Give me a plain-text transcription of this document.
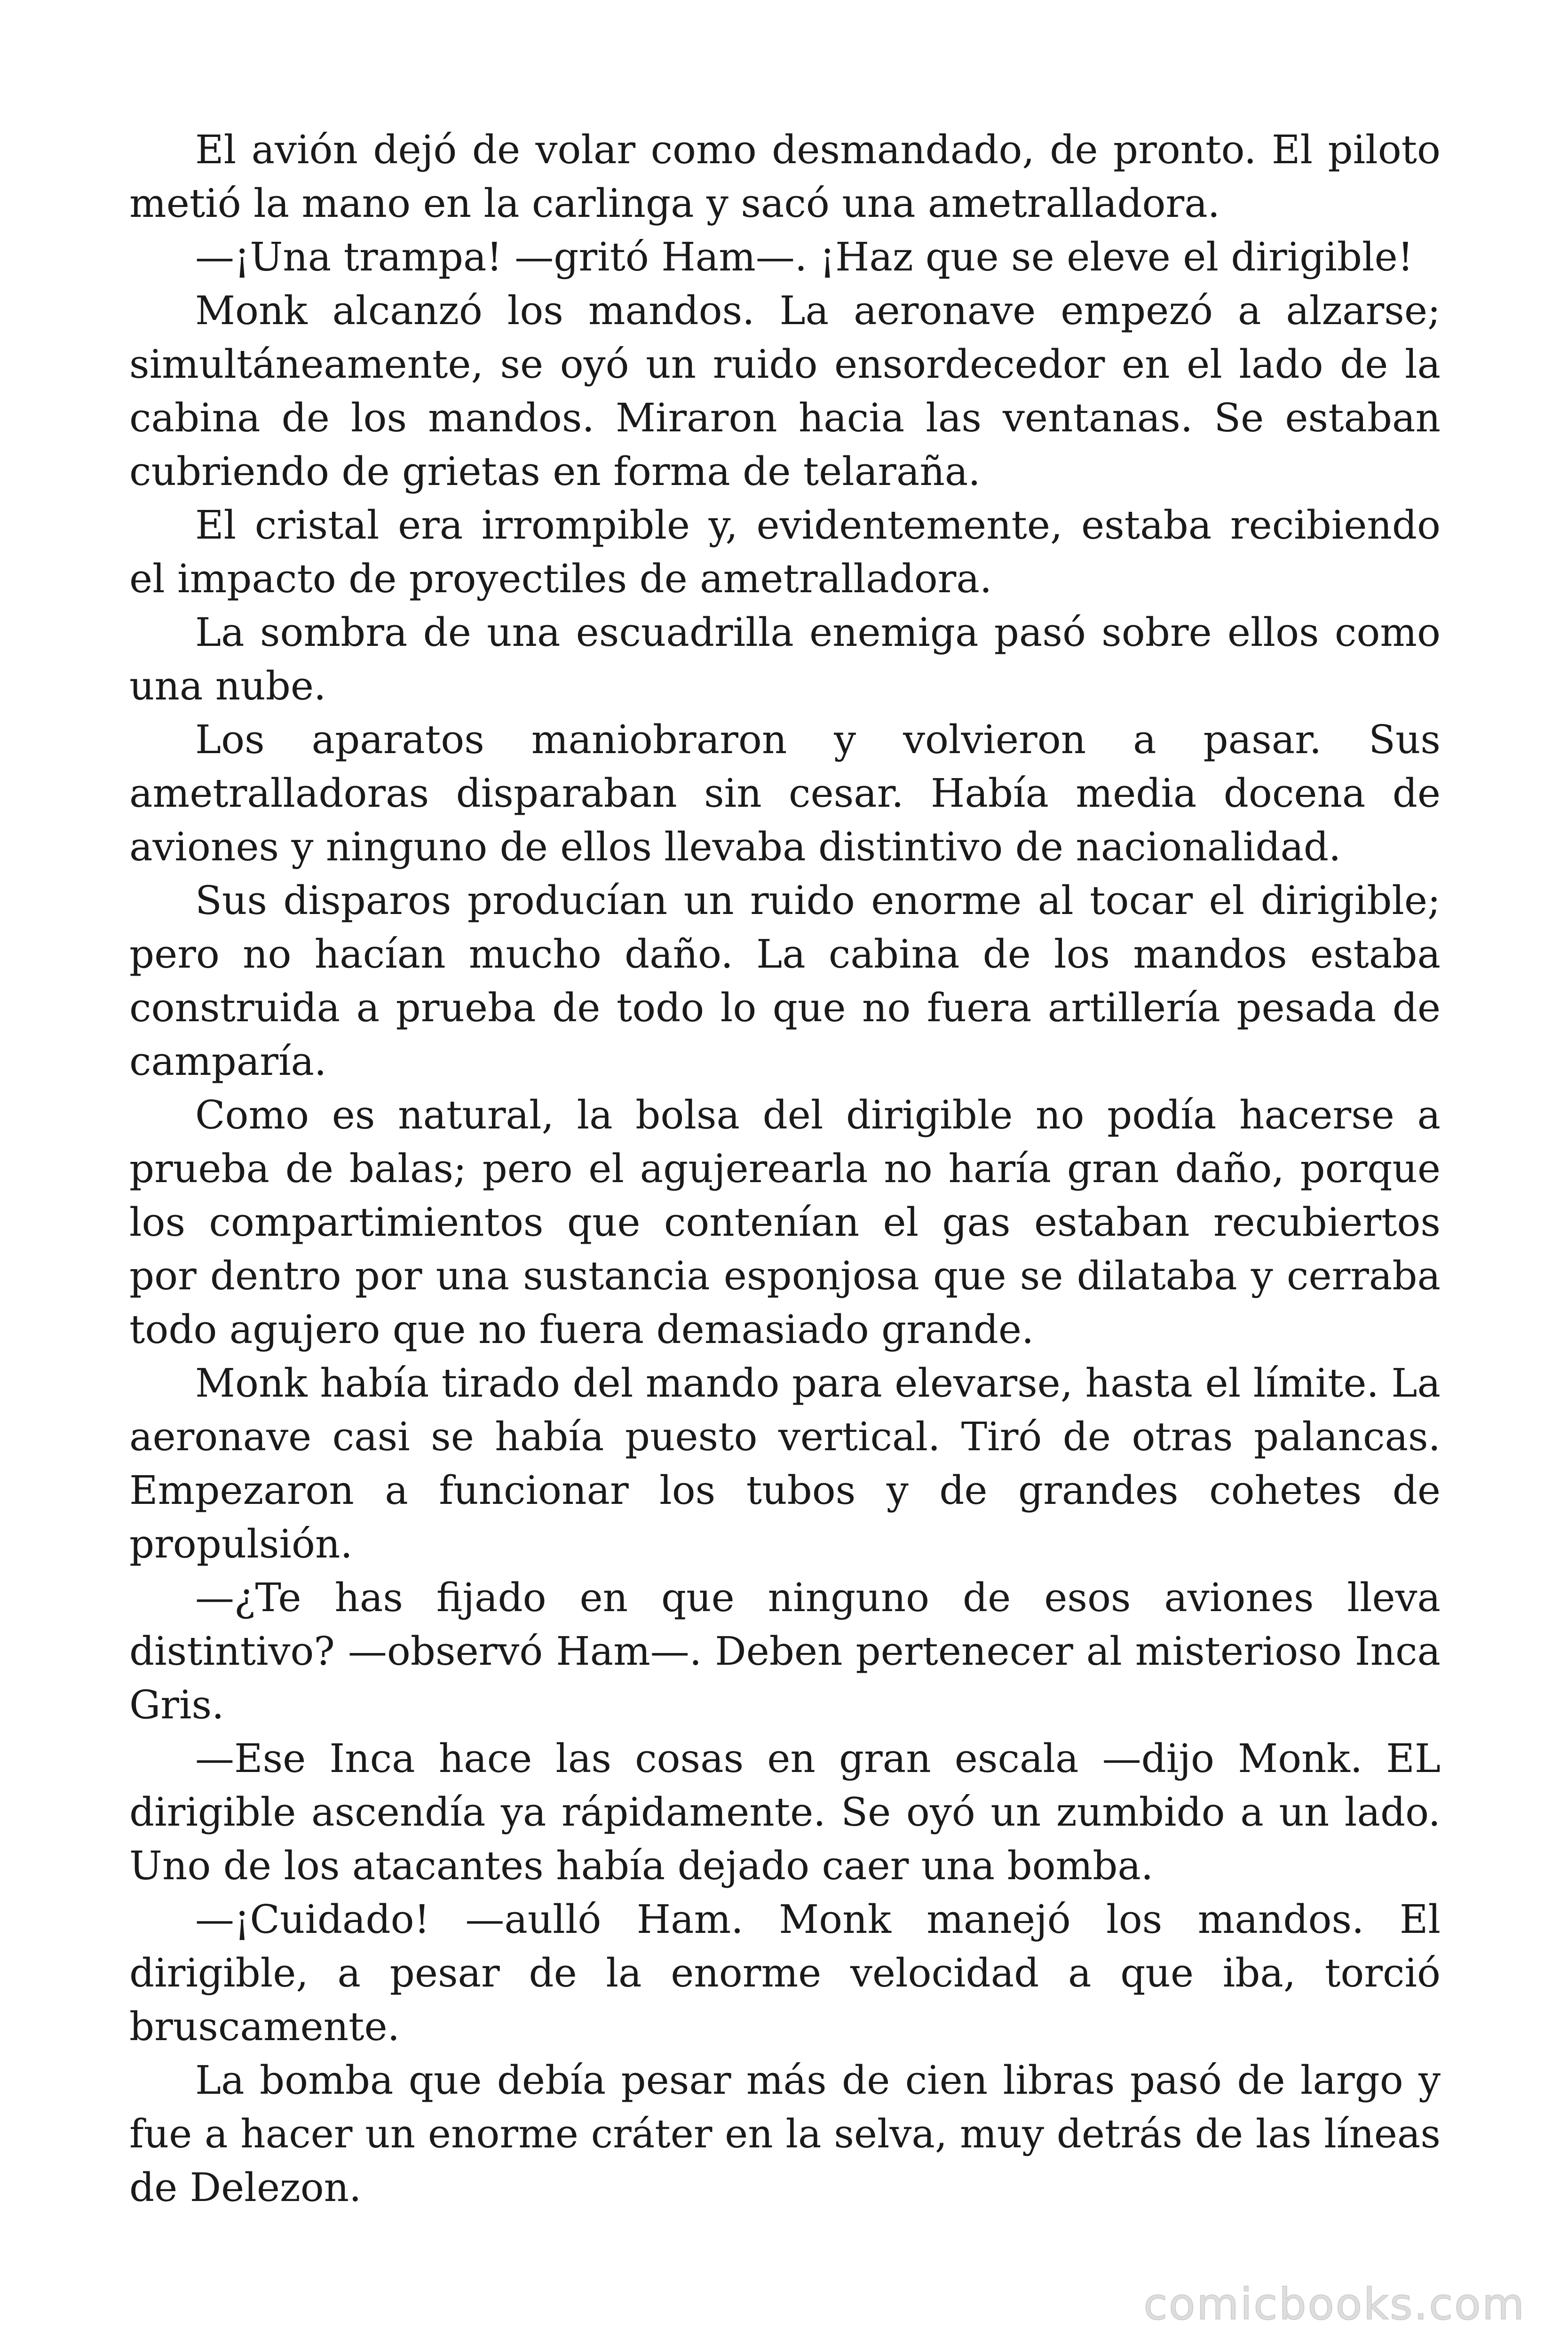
El avión dejó de volar como desmandado, de pronto. El piloto metió la mano en la carlinga y sacó una ametralladora.

—¡Una trampa! —gritó Ham—. ¡Haz que se eleve el dirigible!

Monk alcanzó los mandos. La aeronave empezó a alzarse; simultáneamente, se oyó un ruido ensordecedor en el lado de la cabina de los mandos. Miraron hacia las ventanas. Se estaban cubriendo de grietas en forma de telaraña.

El cristal era irrompible y, evidentemente, estaba recibiendo el impacto de proyectiles de ametralladora.

La sombra de una escuadrilla enemiga pasó sobre ellos como una nube.

Los aparatos maniobraron y volvieron a pasar. Sus ametralladoras disparaban sin cesar. Había media docena de aviones y ninguno de ellos llevaba distintivo de nacionalidad.

Sus disparos producían un ruido enorme al tocar el dirigible; pero no hacían mucho daño. La cabina de los mandos estaba construida a prueba de todo lo que no fuera artillería pesada de camparía.

Como es natural, la bolsa del dirigible no podía hacerse a prueba de balas; pero el agujerearla no haría gran daño, porque los compartimientos que contenían el gas estaban recubiertos por dentro por una sustancia esponjosa que se dilataba y cerraba todo agujero que no fuera demasiado grande.

Monk había tirado del mando para elevarse, hasta el límite. La aeronave casi se había puesto vertical. Tiró de otras palancas. Empezaron a funcionar los tubos y de grandes cohetes de propulsión.

—¿Te has fijado en que ninguno de esos aviones lleva distintivo? —observó Ham—. Deben pertenecer al misterioso Inca Gris.

—Ese Inca hace las cosas en gran escala —dijo Monk. EL dirigible ascendía ya rápidamente. Se oyó un zumbido a un lado. Uno de los atacantes había dejado caer una bomba.

—¡Cuidado! —aulló Ham. Monk manejó los mandos. El dirigible, a pesar de la enorme velocidad a que iba, torció bruscamente.

La bomba que debía pesar más de cien libras pasó de largo y fue a hacer un enorme cráter en la selva, muy detrás de las líneas de Delezon.

comicbooks.com
